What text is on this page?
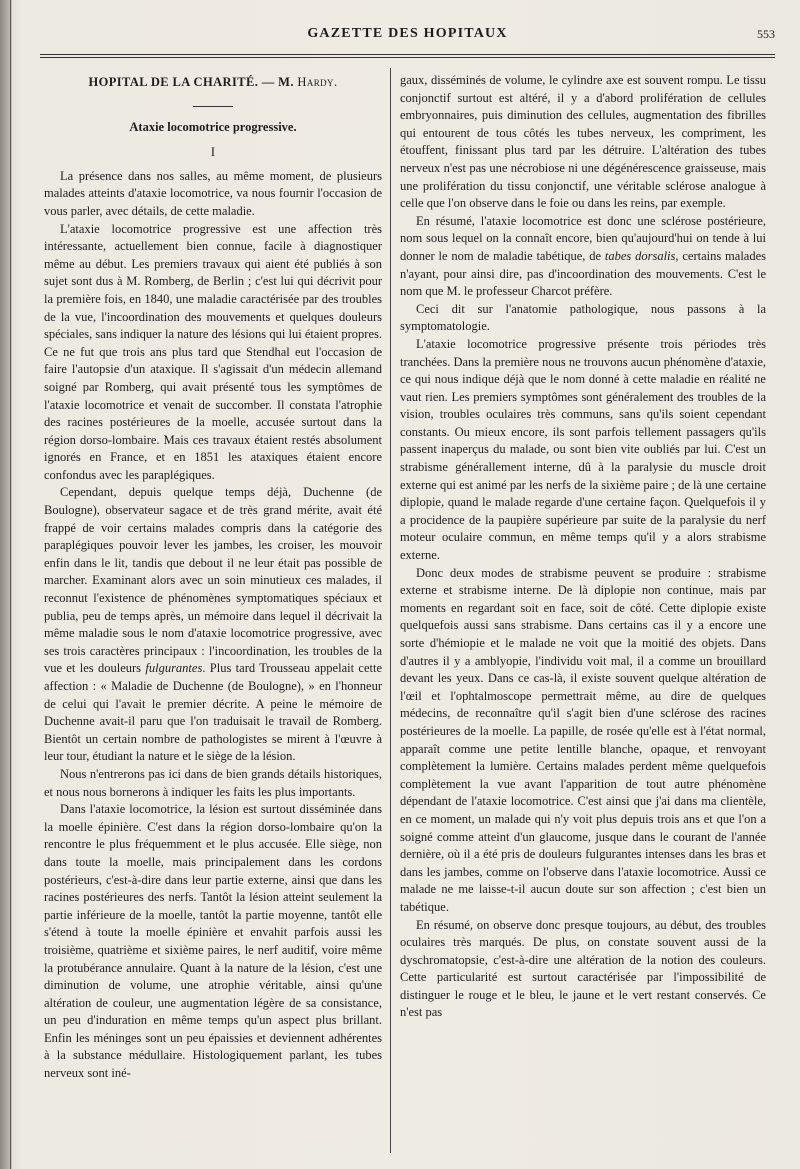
GAZETTE DES HOPITAUX	553
HOPITAL DE LA CHARITÉ. — M. Hardy.
Ataxie locomotrice progressive.
I

La présence dans nos salles, au même moment, de plusieurs malades atteints d'ataxie locomotrice, va nous fournir l'occasion de vous parler, avec détails, de cette maladie.

L'ataxie locomotrice progressive est une affection très intéressante, actuellement bien connue, facile à diagnostiquer même au début. Les premiers travaux qui aient été publiés à son sujet sont dus à M. Romberg, de Berlin ; c'est lui qui décrivit pour la première fois, en 1840, une maladie caractérisée par des troubles de la vue, l'incoordination des mouvements et quelques douleurs spéciales, sans indiquer la nature des lésions qui lui étaient propres. Ce ne fut que trois ans plus tard que Stendhal eut l'occasion de faire l'autopsie d'un ataxique. Il s'agissait d'un médecin allemand soigné par Romberg, qui avait présenté tous les symptômes de l'ataxie locomotrice et venait de succomber. Il constata l'atrophie des racines postérieures de la moelle, accusée surtout dans la région dorso-lombaire. Mais ces travaux étaient restés absolument ignorés en France, et en 1851 les ataxiques étaient encore confondus avec les paraplégiques.

Cependant, depuis quelque temps déjà, Duchenne (de Boulogne), observateur sagace et de très grand mérite, avait été frappé de voir certains malades compris dans la catégorie des paraplégiques pouvoir lever les jambes, les croiser, les mouvoir enfin dans le lit, tandis que debout il ne leur était pas possible de marcher. Examinant alors avec un soin minutieux ces malades, il reconnut l'existence de phénomènes symptomatiques spéciaux et publia, peu de temps après, un mémoire dans lequel il décrivait la même maladie sous le nom d'ataxie locomotrice progressive, avec ses trois caractères principaux : l'incoordination, les troubles de la vue et les douleurs fulgurantes. Plus tard Trousseau appelait cette affection : « Maladie de Duchenne (de Boulogne), » en l'honneur de celui qui l'avait le premier décrite. A peine le mémoire de Duchenne avait-il paru que l'on traduisait le travail de Romberg. Bientôt un certain nombre de pathologistes se mirent à l'œuvre à leur tour, étudiant la nature et le siège de la lésion.

Nous n'entrerons pas ici dans de bien grands détails historiques, et nous nous bornerons à indiquer les faits les plus importants.

Dans l'ataxie locomotrice, la lésion est surtout disséminée dans la moelle épinière. C'est dans la région dorso-lombaire qu'on la rencontre le plus fréquemment et le plus accusée. Elle siège, non dans toute la moelle, mais principalement dans les cordons postérieurs, c'est-à-dire dans leur partie externe, ainsi que dans les racines postérieures des nerfs. Tantôt la lésion atteint seulement la partie inférieure de la moelle, tantôt la partie moyenne, tantôt elle s'étend à toute la moelle épinière et envahit parfois aussi les troisième, quatrième et sixième paires, le nerf auditif, voire même la protubérance annulaire. Quant à la nature de la lésion, c'est une diminution de volume, une atrophie véritable, ainsi qu'une altération de couleur, une augmentation légère de sa consistance, un peu d'induration en même temps qu'un aspect plus brillant. Enfin les méninges sont un peu épaissies et deviennent adhérentes à la substance médullaire. Histologiquement parlant, les tubes nerveux sont iné-

gaux, disséminés de volume, le cylindre axe est souvent rompu. Le tissu conjonctif surtout est altéré, il y a d'abord prolifération de cellules embryonnaires, puis diminution des cellules, augmentation des fibrilles qui entourent de tous côtés les tubes nerveux, les compriment, les étouffent, finissant plus tard par les détruire. L'altération des tubes nerveux n'est pas une nécrobiose ni une dégénérescence graisseuse, mais une prolifération du tissu conjonctif, une véritable sclérose analogue à celle que l'on observe dans le foie ou dans les reins, par exemple.

En résumé, l'ataxie locomotrice est donc une sclérose postérieure, nom sous lequel on la connaît encore, bien qu'aujourd'hui on tende à lui donner le nom de maladie tabétique, de tabes dorsalis, certains malades n'ayant, pour ainsi dire, pas d'incoordination des mouvements. C'est le nom que M. le professeur Charcot préfère.

Ceci dit sur l'anatomie pathologique, nous passons à la symptomatologie.

L'ataxie locomotrice progressive présente trois périodes très tranchées. Dans la première nous ne trouvons aucun phénomène d'ataxie, ce qui nous indique déjà que le nom donné à cette maladie en réalité ne vaut rien. Les premiers symptômes sont généralement des troubles de la vision, troubles oculaires très communs, sans qu'ils soient cependant constants. Ou mieux encore, ils sont parfois tellement passagers qu'ils passent inaperçus du malade, ou sont bien vite oubliés par lui. C'est un strabisme générallement interne, dû à la paralysie du muscle droit externe qui est animé par les nerfs de la sixième paire ; de là une certaine diplopie, quand le malade regarde d'une certaine façon. Quelquefois il y a procidence de la paupière supérieure par suite de la paralysie du nerf moteur oculaire commun, en même temps qu'il y a alors strabisme externe.

Donc deux modes de strabisme peuvent se produire : strabisme externe et strabisme interne. De là diplopie non continue, mais par moments en regardant soit en face, soit de côté. Cette diplopie existe quelquefois aussi sans strabisme. Dans certains cas il y a encore une sorte d'hémiopie et le malade ne voit que la moitié des objets. Dans d'autres il y a amblyopie, l'individu voit mal, il a comme un brouillard devant les yeux. Dans ce cas-là, il existe souvent quelque altération de l'œil et l'ophtalmoscope permettrait même, au dire de quelques médecins, de reconnaître qu'il s'agit bien d'une sclérose des racines postérieures de la moelle. La papille, de rosée qu'elle est à l'état normal, apparaît comme une petite lentille blanche, opaque, et renvoyant complètement la lumière. Certains malades perdent même quelquefois complètement la vue avant l'apparition de tout autre phénomène dépendant de l'ataxie locomotrice. C'est ainsi que j'ai dans ma clientèle, en ce moment, un malade qui n'y voit plus depuis trois ans et que l'on a soigné comme atteint d'un glaucome, jusque dans le courant de l'année dernière, où il a été pris de douleurs fulgurantes intenses dans les bras et dans les jambes, comme on l'observe dans l'ataxie locomotrice. Aussi ce malade ne me laisse-t-il aucun doute sur son affection ; c'est bien un tabétique.

En résumé, on observe donc presque toujours, au début, des troubles oculaires très marqués. De plus, on constate souvent aussi de la dyschromatopsie, c'est-à-dire une altération de la notion des couleurs. Cette particularité est surtout caractérisée par l'impossibilité de distinguer le rouge et le bleu, le jaune et le vert restant conservés. Ce n'est pas
